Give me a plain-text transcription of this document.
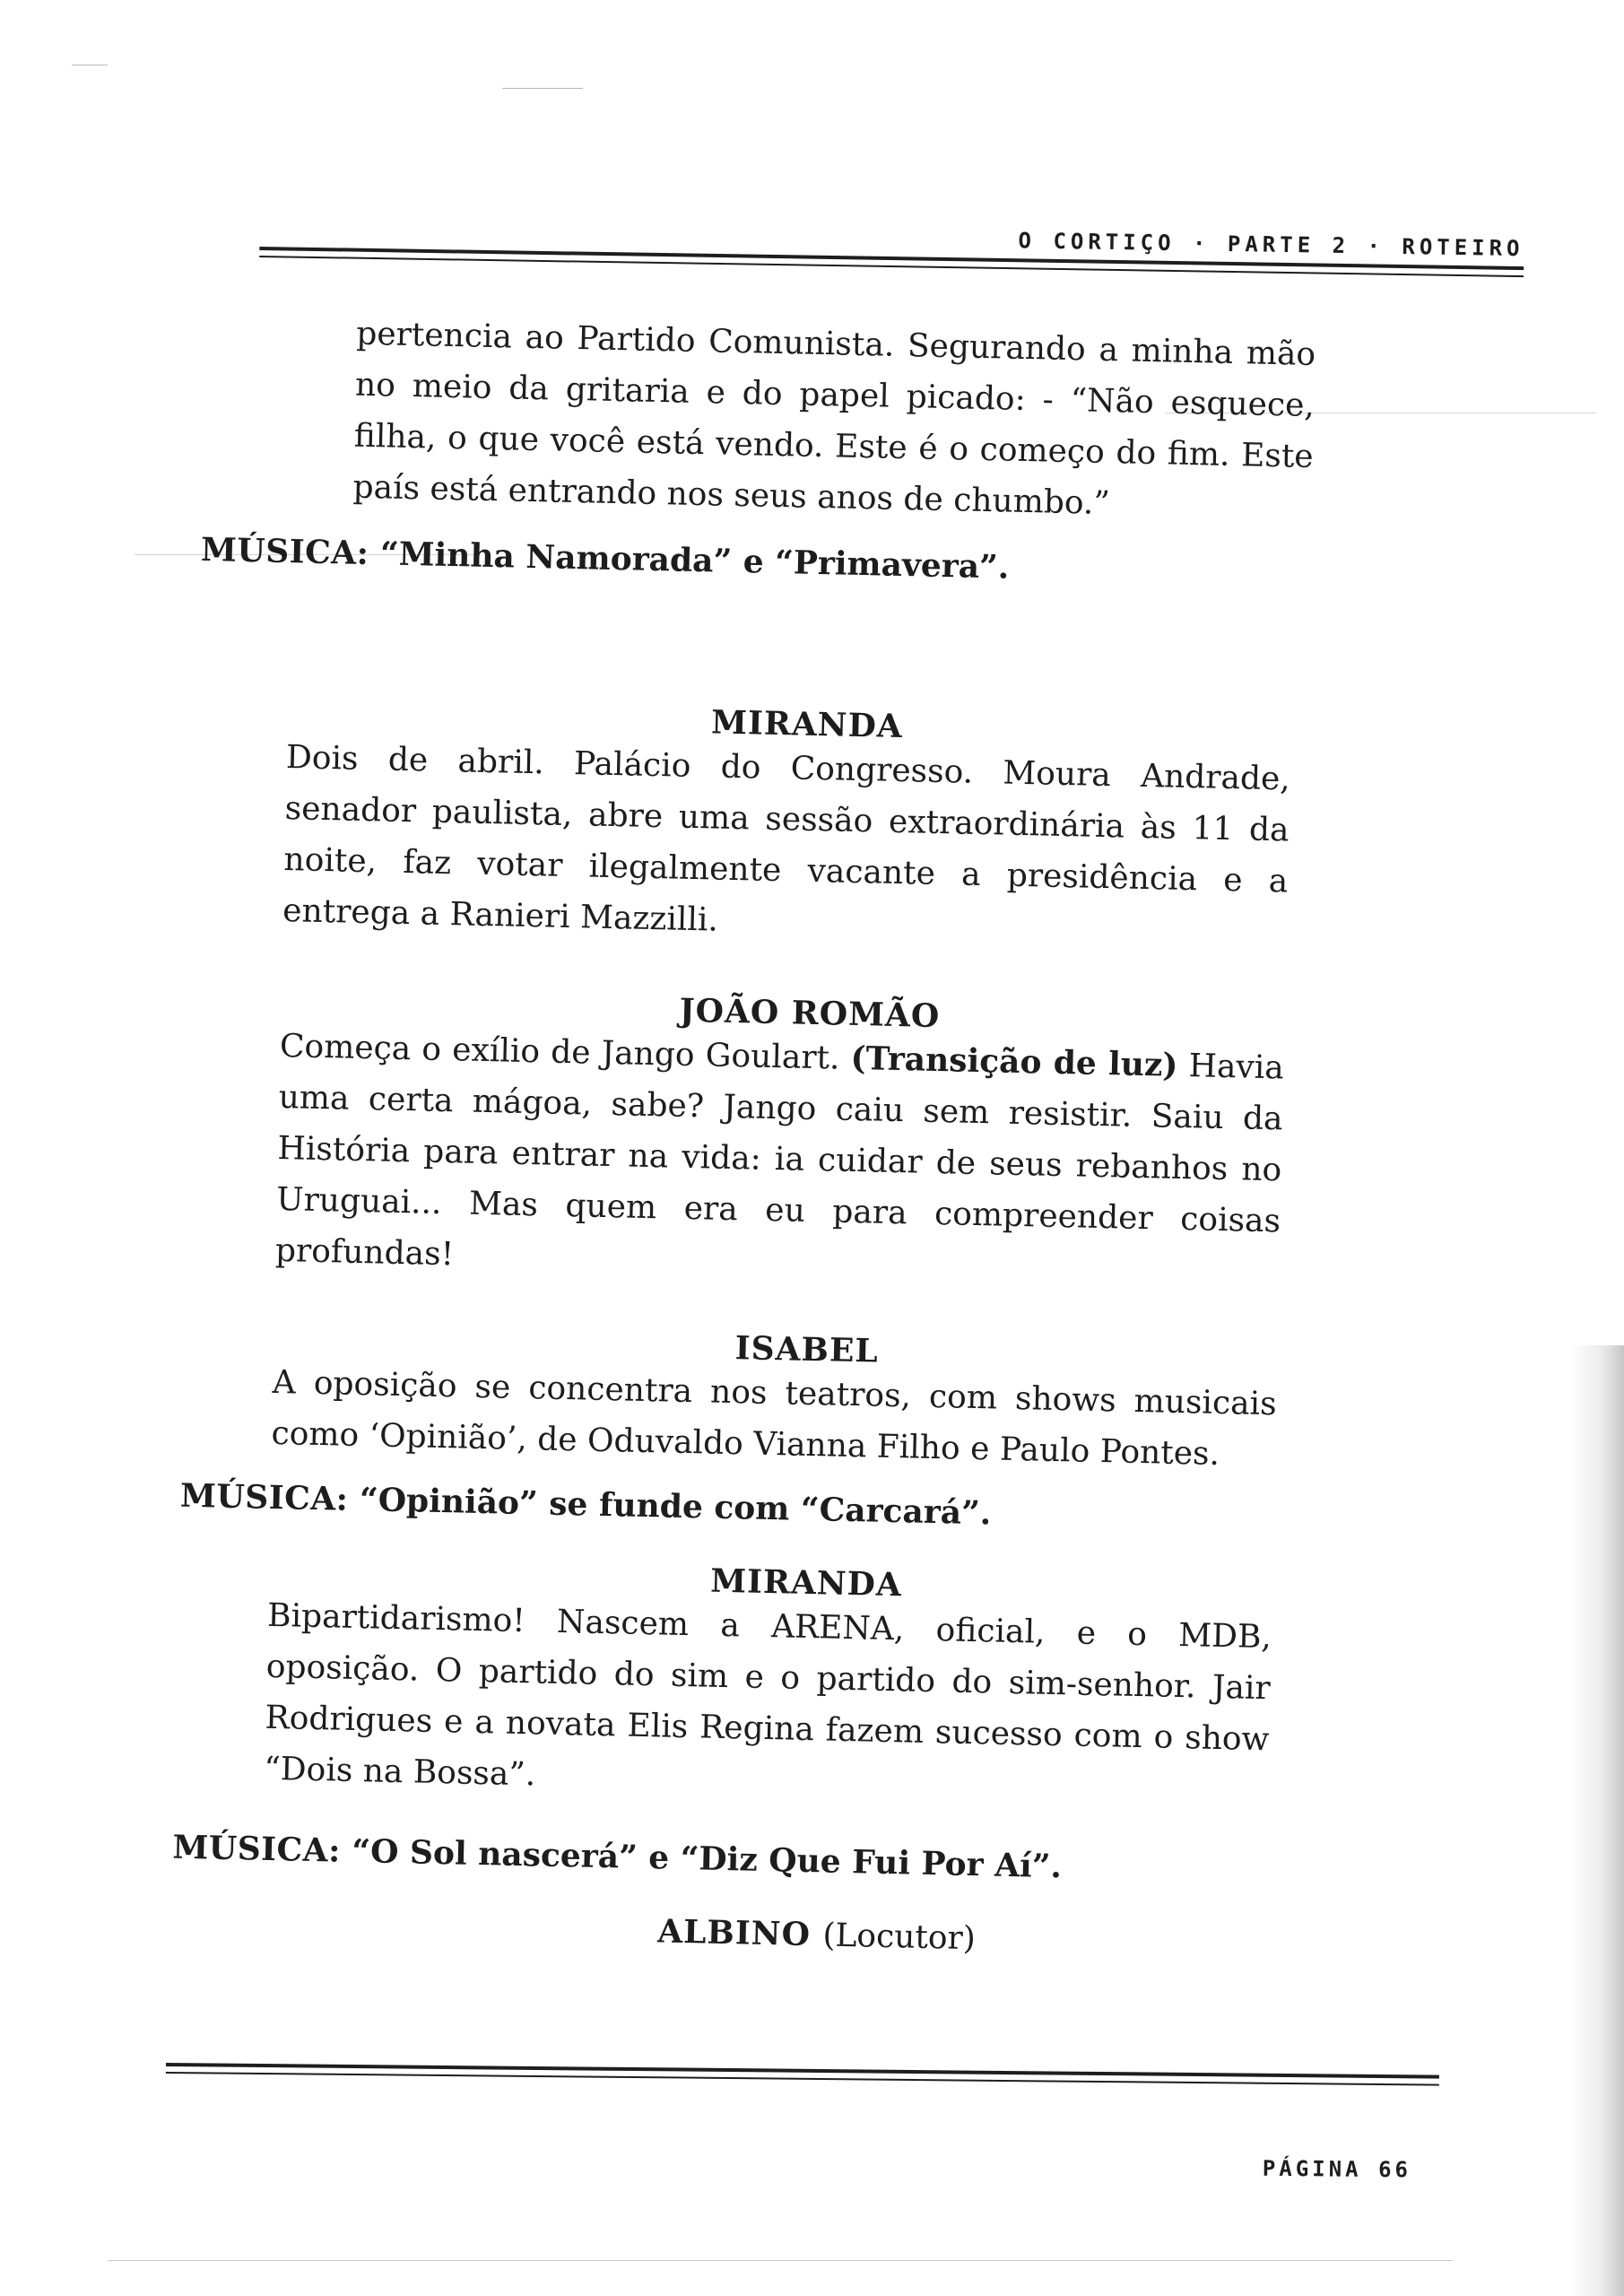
O CORTIÇO · PARTE 2 · ROTEIRO

pertencia ao Partido Comunista. Segurando a minha mão no meio da gritaria e do papel picado: - “Não esquece, filha, o que você está vendo. Este é o começo do fim. Este país está entrando nos seus anos de chumbo.”

MÚSICA: “Minha Namorada” e “Primavera”.

MIRANDA

Dois de abril. Palácio do Congresso. Moura Andrade, senador paulista, abre uma sessão extraordinária às 11 da noite, faz votar ilegalmente vacante a presidência e a entrega a Ranieri Mazzilli.

JOÃO ROMÃO

Começa o exílio de Jango Goulart. (Transição de luz) Havia uma certa mágoa, sabe? Jango caiu sem resistir. Saiu da História para entrar na vida: ia cuidar de seus rebanhos no Uruguai... Mas quem era eu para compreender coisas profundas!

ISABEL

A oposição se concentra nos teatros, com shows musicais como ‘Opinião’, de Oduvaldo Vianna Filho e Paulo Pontes.

MÚSICA: “Opinião” se funde com “Carcará”.

MIRANDA

Bipartidarismo! Nascem a ARENA, oficial, e o MDB, oposição. O partido do sim e o partido do sim-senhor. Jair Rodrigues e a novata Elis Regina fazem sucesso com o show “Dois na Bossa”.

MÚSICA: “O Sol nascerá” e “Diz Que Fui Por Aí”.

ALBINO (Locutor)

PÁGINA 66
